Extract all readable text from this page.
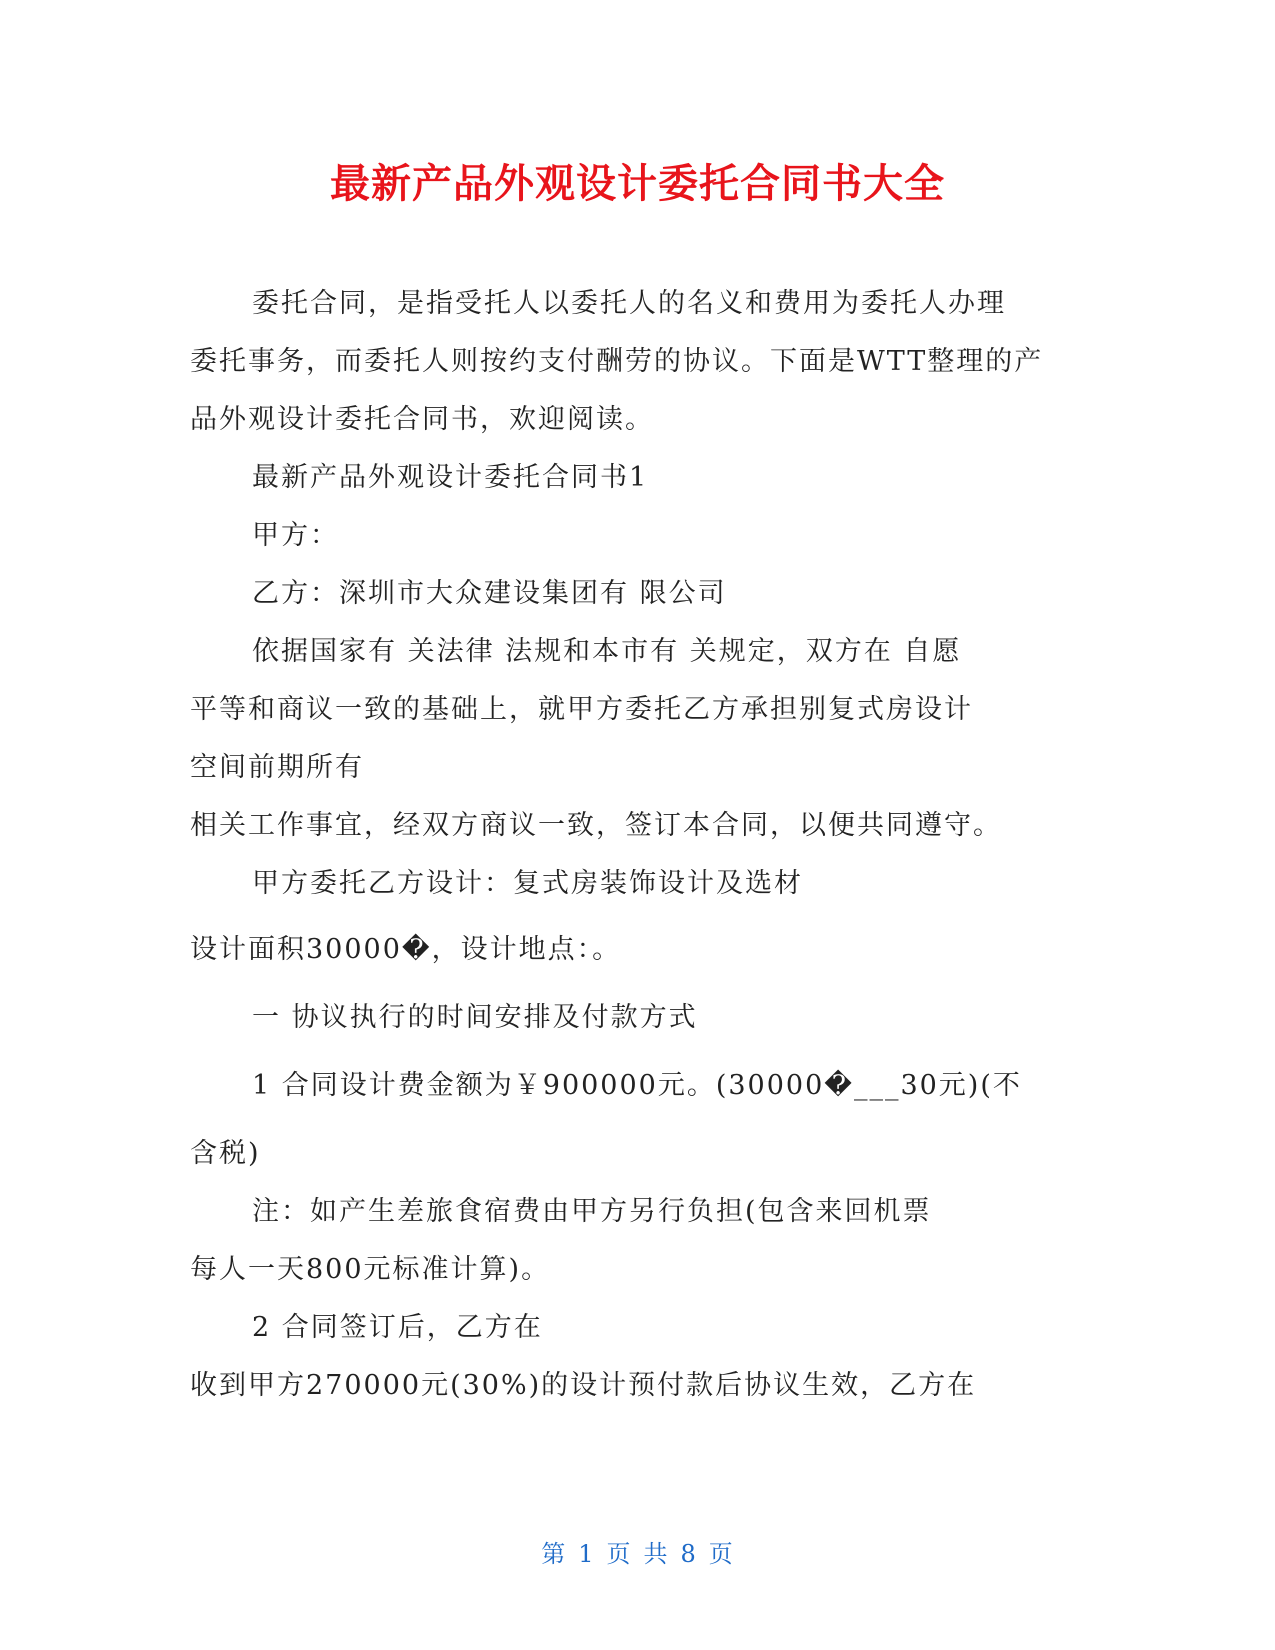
最新产品外观设计委托合同书大全
委托合同，是指受托人以委托人的名义和费用为委托人办理
委托事务，而委托人则按约支付酬劳的协议。下面是WTT整理的产
品外观设计委托合同书，欢迎阅读。
最新产品外观设计委托合同书1
甲方：
乙方：深圳市大众建设集团有 限公司
依据国家有 关法律 法规和本市有 关规定，双方在 自愿
平等和商议一致的基础上，就甲方委托乙方承担别复式房设计
空间前期所有
相关工作事宜，经双方商议一致，签订本合同，以便共同遵守。
甲方委托乙方设计：复式房装饰设计及选材
设计面积30000�，设计地点：。
一 协议执行的时间安排及付款方式
1 合同设计费金额为￥900000元。(30000�___30元)(不
含税)
注：如产生差旅食宿费由甲方另行负担(包含来回机票
每人一天800元标准计算)。
2 合同签订后，乙方在
收到甲方270000元(30%)的设计预付款后协议生效，乙方在
第 1 页 共 8 页
